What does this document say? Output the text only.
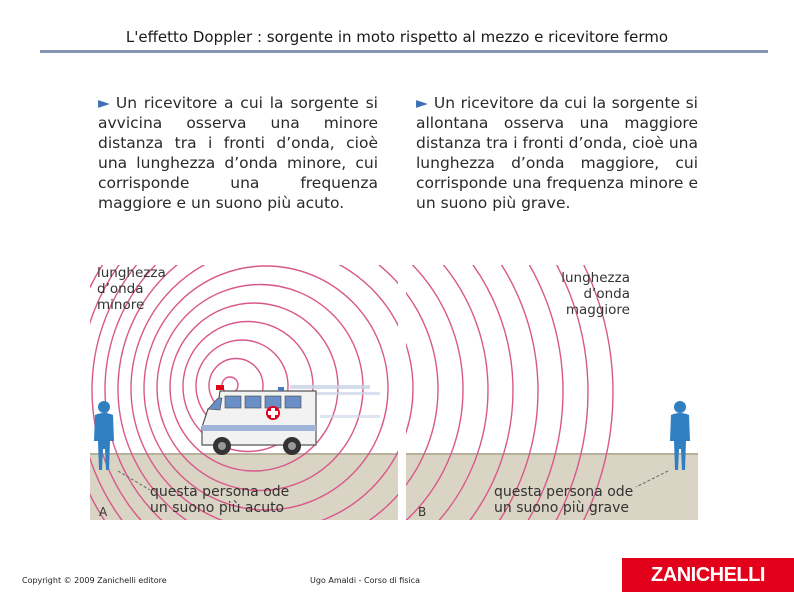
L'effetto Doppler : sorgente in moto rispetto al mezzo e ricevitore fermo
► Un ricevitore a cui la sorgente si avvicina osserva una minore distanza tra i fronti d’onda, cioè una lunghezza d’onda minore, cui corrisponde una frequenza maggiore e un suono più acuto.
► Un ricevitore da cui la sorgente si allontana osserva una maggiore distanza tra i fronti d’onda, cioè una lunghezza d’onda maggiore, cui corrisponde una frequenza minore e un suono più grave.
lunghezza
d’onda
minore
questa persona ode
un suono più acuto
A
lunghezza
d’onda
maggiore
questa persona ode
un suono più grave
B
Copyright © 2009 Zanichelli editore	Ugo Amaldi - Corso di fisica	ZANICHELLI
